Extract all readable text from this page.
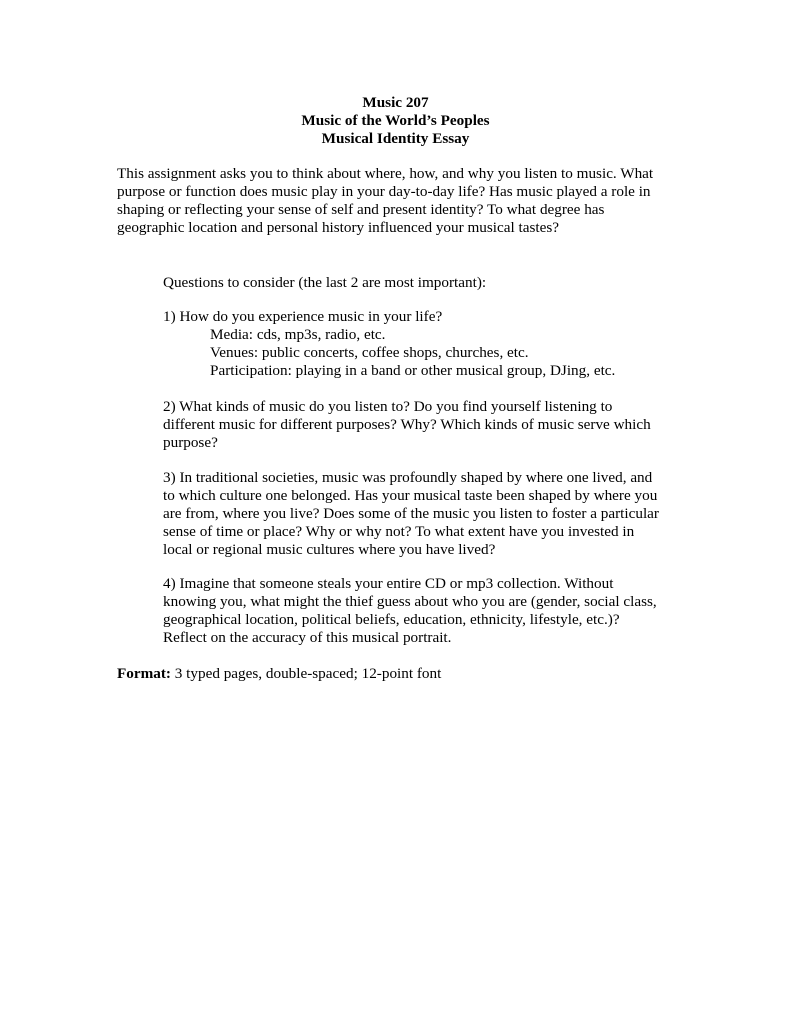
Music 207
Music of the World’s Peoples
Musical Identity Essay
This assignment asks you to think about where, how, and why you listen to music. What
purpose or function does music play in your day-to-day life? Has music played a role in
shaping or reflecting your sense of self and present identity? To what degree has
geographic location and personal history influenced your musical tastes?
Questions to consider (the last 2 are most important):
1) How do you experience music in your life?
Media: cds, mp3s, radio, etc.
Venues: public concerts, coffee shops, churches, etc.
Participation: playing in a band or other musical group, DJing, etc.
2) What kinds of music do you listen to? Do you find yourself listening to
different music for different purposes? Why? Which kinds of music serve which
purpose?
3) In traditional societies, music was profoundly shaped by where one lived, and
to which culture one belonged. Has your musical taste been shaped by where you
are from, where you live? Does some of the music you listen to foster a particular
sense of time or place? Why or why not? To what extent have you invested in
local or regional music cultures where you have lived?
4) Imagine that someone steals your entire CD or mp3 collection. Without
knowing you, what might the thief guess about who you are (gender, social class,
geographical location, political beliefs, education, ethnicity, lifestyle, etc.)?
Reflect on the accuracy of this musical portrait.
Format: 3 typed pages, double-spaced; 12-point font
